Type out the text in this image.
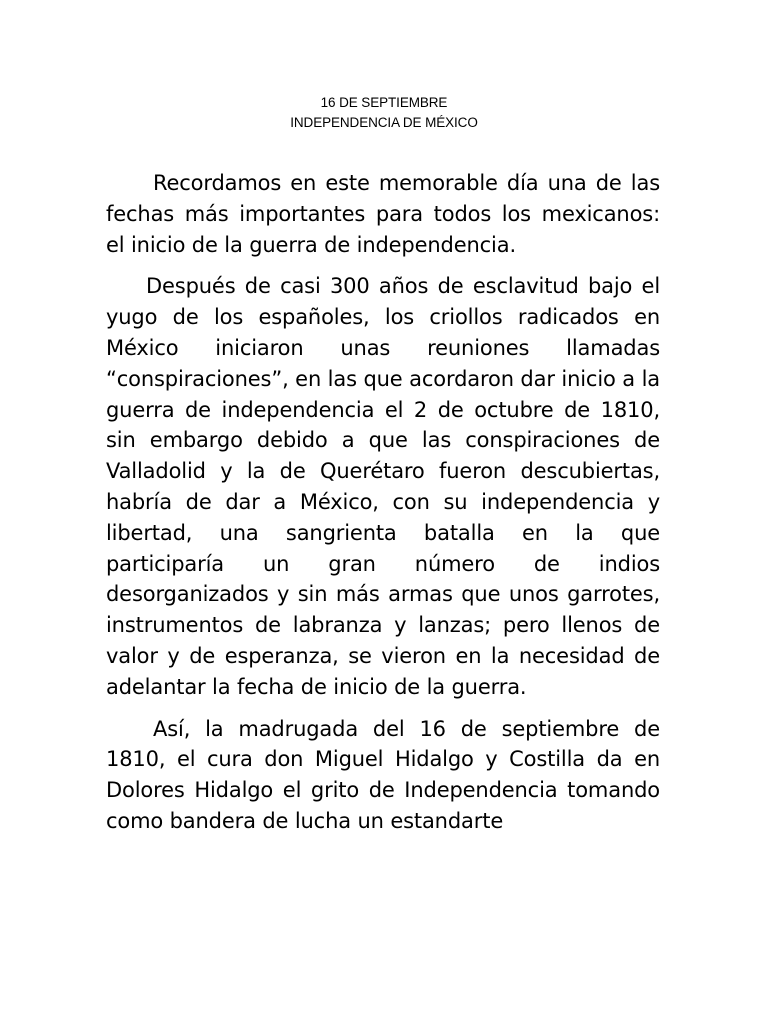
16 DE SEPTIEMBRE
INDEPENDENCIA DE MÉXICO

Recordamos en este memorable día una de las fechas más importantes para todos los mexicanos: el inicio de la guerra de independencia.

Después de casi 300 años de esclavitud bajo el yugo de los españoles, los criollos radicados en México iniciaron unas reuniones llamadas “conspiraciones”, en las que acordaron dar inicio a la guerra de independencia el 2 de octubre de 1810, sin embargo debido a que las conspiraciones de Valladolid y la de Querétaro fueron descubiertas, habría de dar a México, con su independencia y libertad, una sangrienta batalla en la que participaría un gran número de indios desorganizados y sin más armas que unos garrotes, instrumentos de labranza y lanzas; pero llenos de valor y de esperanza, se vieron en la necesidad de adelantar la fecha de inicio de la guerra.

Así, la madrugada del 16 de septiembre de 1810, el cura don Miguel Hidalgo y Costilla da en Dolores Hidalgo el grito de Independencia tomando como bandera de lucha un estandarte
